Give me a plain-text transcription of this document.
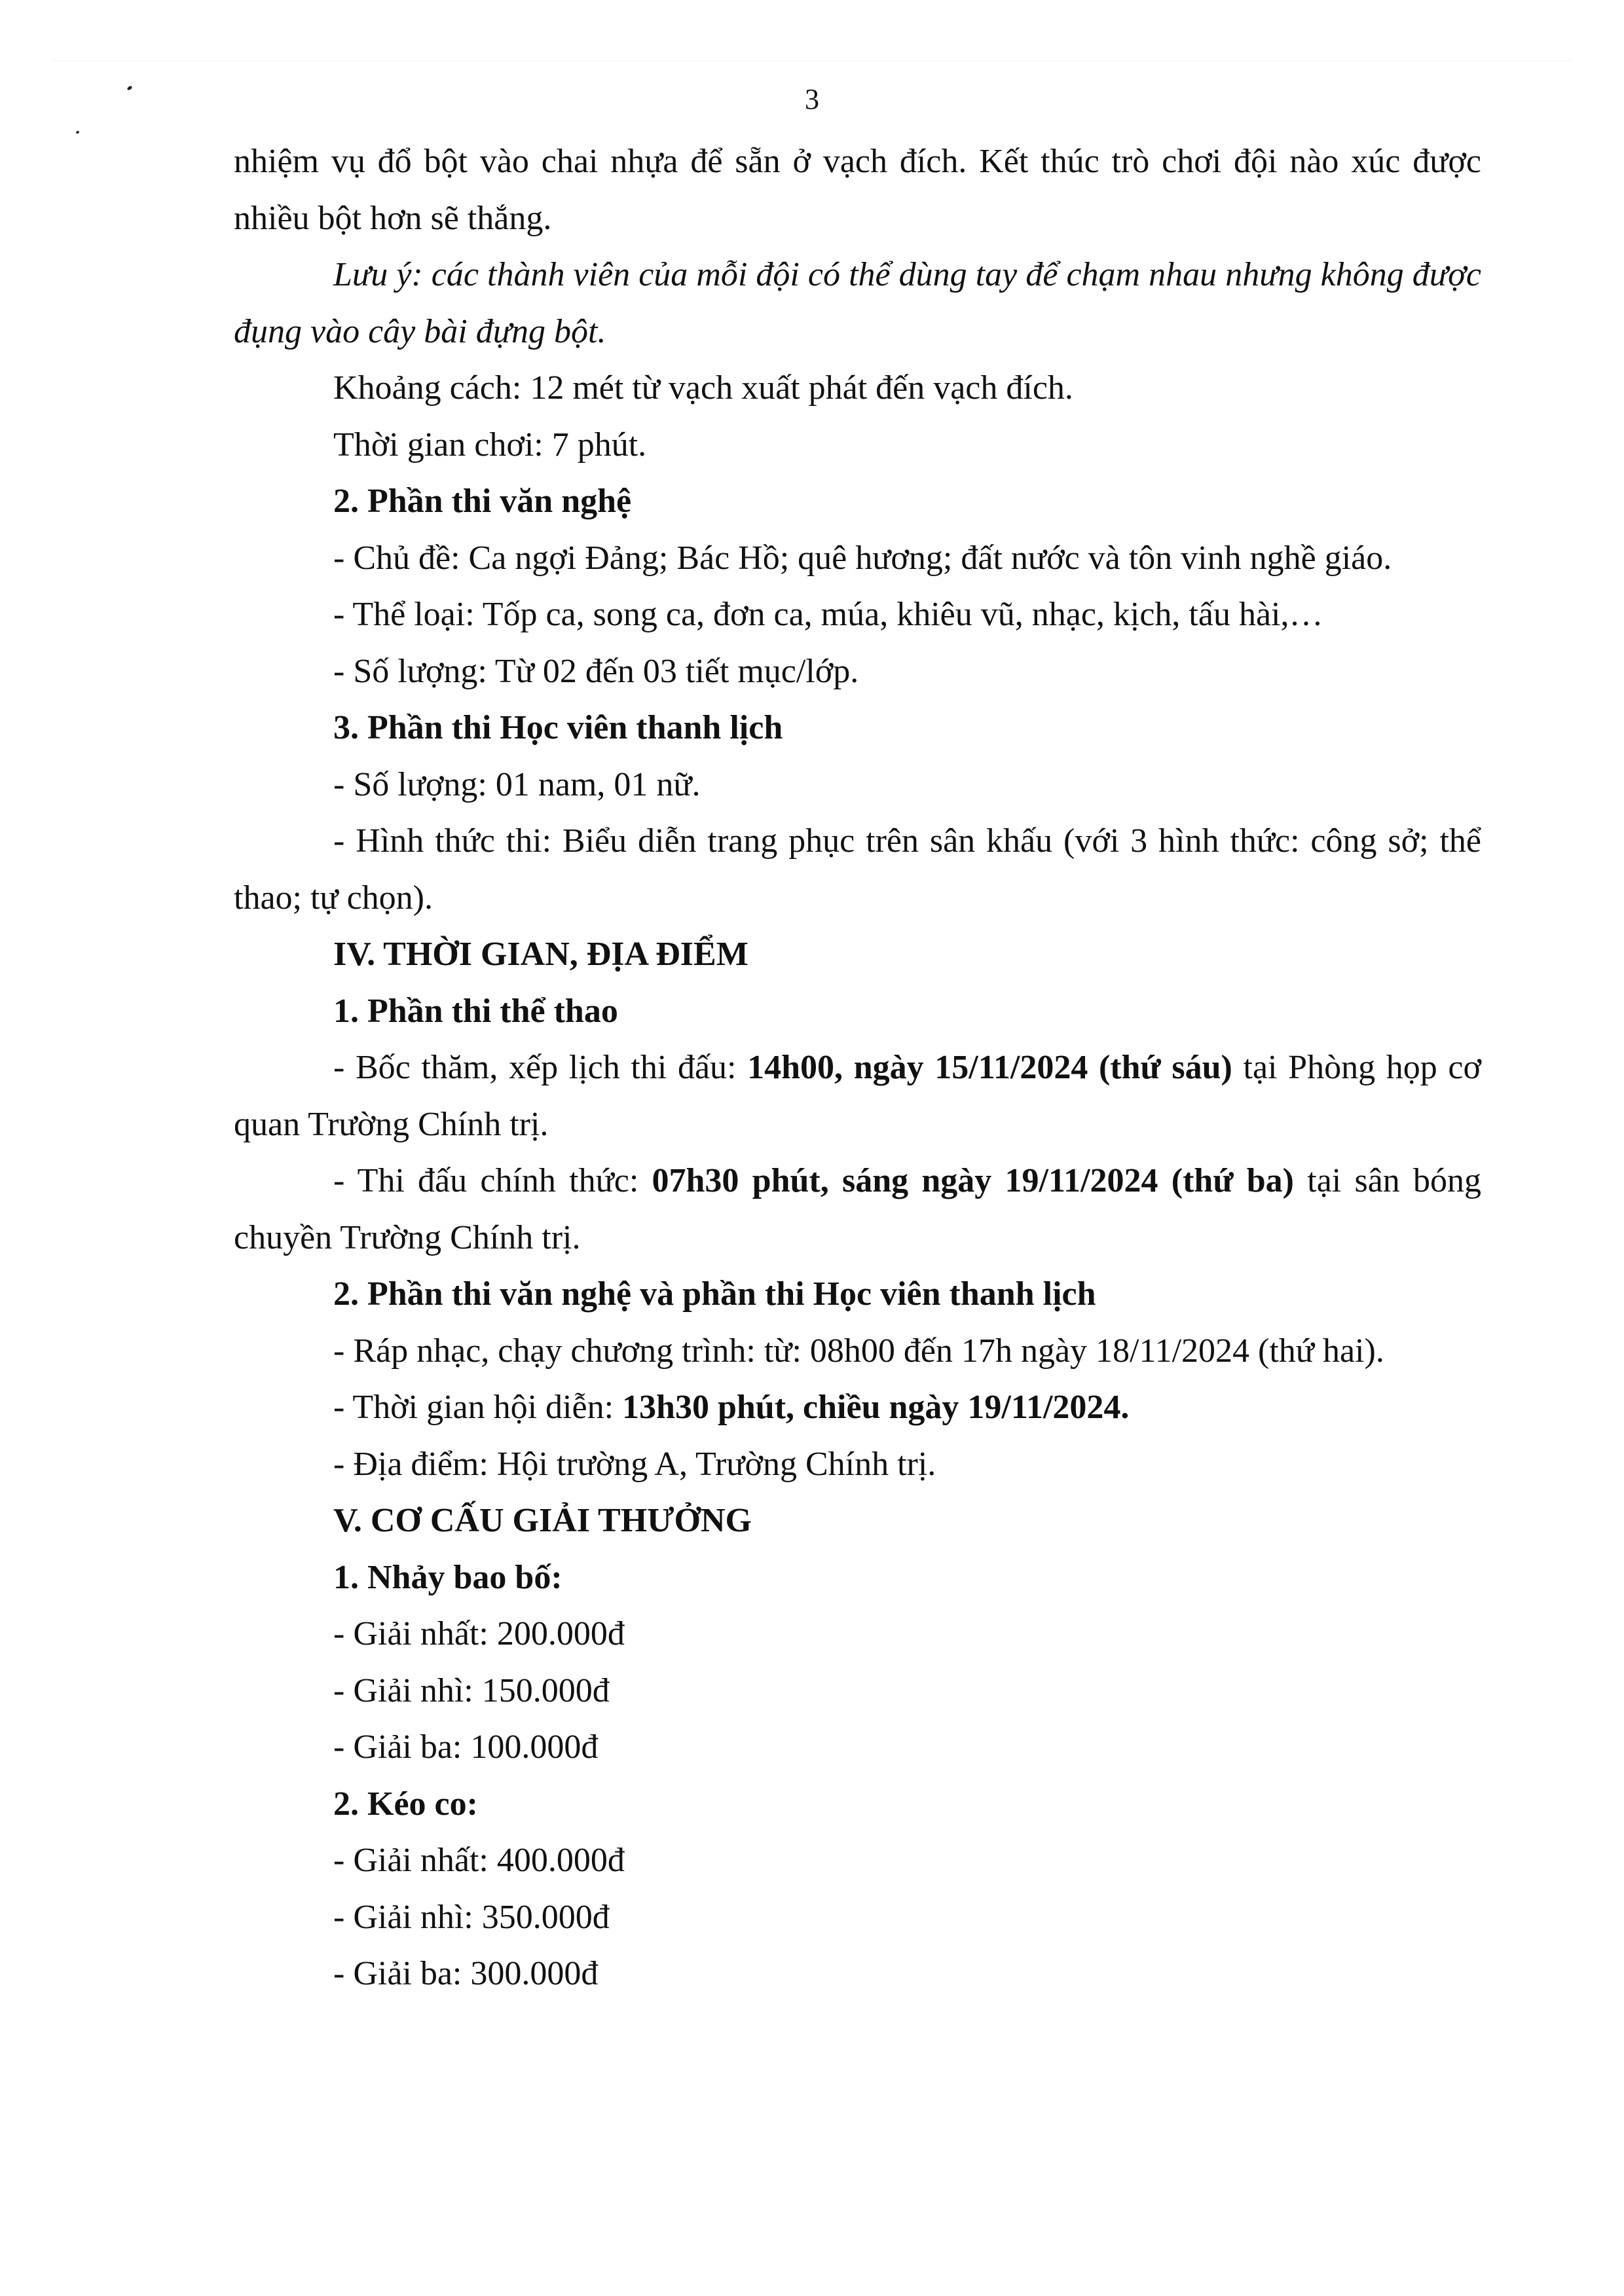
3

nhiệm vụ đổ bột vào chai nhựa để sẵn ở vạch đích. Kết thúc trò chơi đội nào xúc được nhiều bột hơn sẽ thắng.

Lưu ý: các thành viên của mỗi đội có thể dùng tay để chạm nhau nhưng không được đụng vào cây bài đựng bột.

Khoảng cách: 12 mét từ vạch xuất phát đến vạch đích.

Thời gian chơi: 7 phút.

2. Phần thi văn nghệ

- Chủ đề: Ca ngợi Đảng; Bác Hồ; quê hương; đất nước và tôn vinh nghề giáo.

- Thể loại: Tốp ca, song ca, đơn ca, múa, khiêu vũ, nhạc, kịch, tấu hài,…

- Số lượng: Từ 02 đến 03 tiết mục/lớp.

3. Phần thi Học viên thanh lịch

- Số lượng: 01 nam, 01 nữ.

- Hình thức thi: Biểu diễn trang phục trên sân khấu (với 3 hình thức: công sở; thể thao; tự chọn).

IV. THỜI GIAN, ĐỊA ĐIỂM

1. Phần thi thể thao

- Bốc thăm, xếp lịch thi đấu: 14h00, ngày 15/11/2024 (thứ sáu) tại Phòng họp cơ quan Trường Chính trị.

- Thi đấu chính thức: 07h30 phút, sáng ngày 19/11/2024 (thứ ba) tại sân bóng chuyền Trường Chính trị.

2. Phần thi văn nghệ và phần thi Học viên thanh lịch

- Ráp nhạc, chạy chương trình: từ: 08h00 đến 17h ngày 18/11/2024 (thứ hai).

- Thời gian hội diễn: 13h30 phút, chiều ngày 19/11/2024.

- Địa điểm: Hội trường A, Trường Chính trị.

V. CƠ CẤU GIẢI THƯỞNG

1. Nhảy bao bố:

- Giải nhất: 200.000đ

- Giải nhì: 150.000đ

- Giải ba: 100.000đ

2. Kéo co:

- Giải nhất: 400.000đ

- Giải nhì: 350.000đ

- Giải ba: 300.000đ
